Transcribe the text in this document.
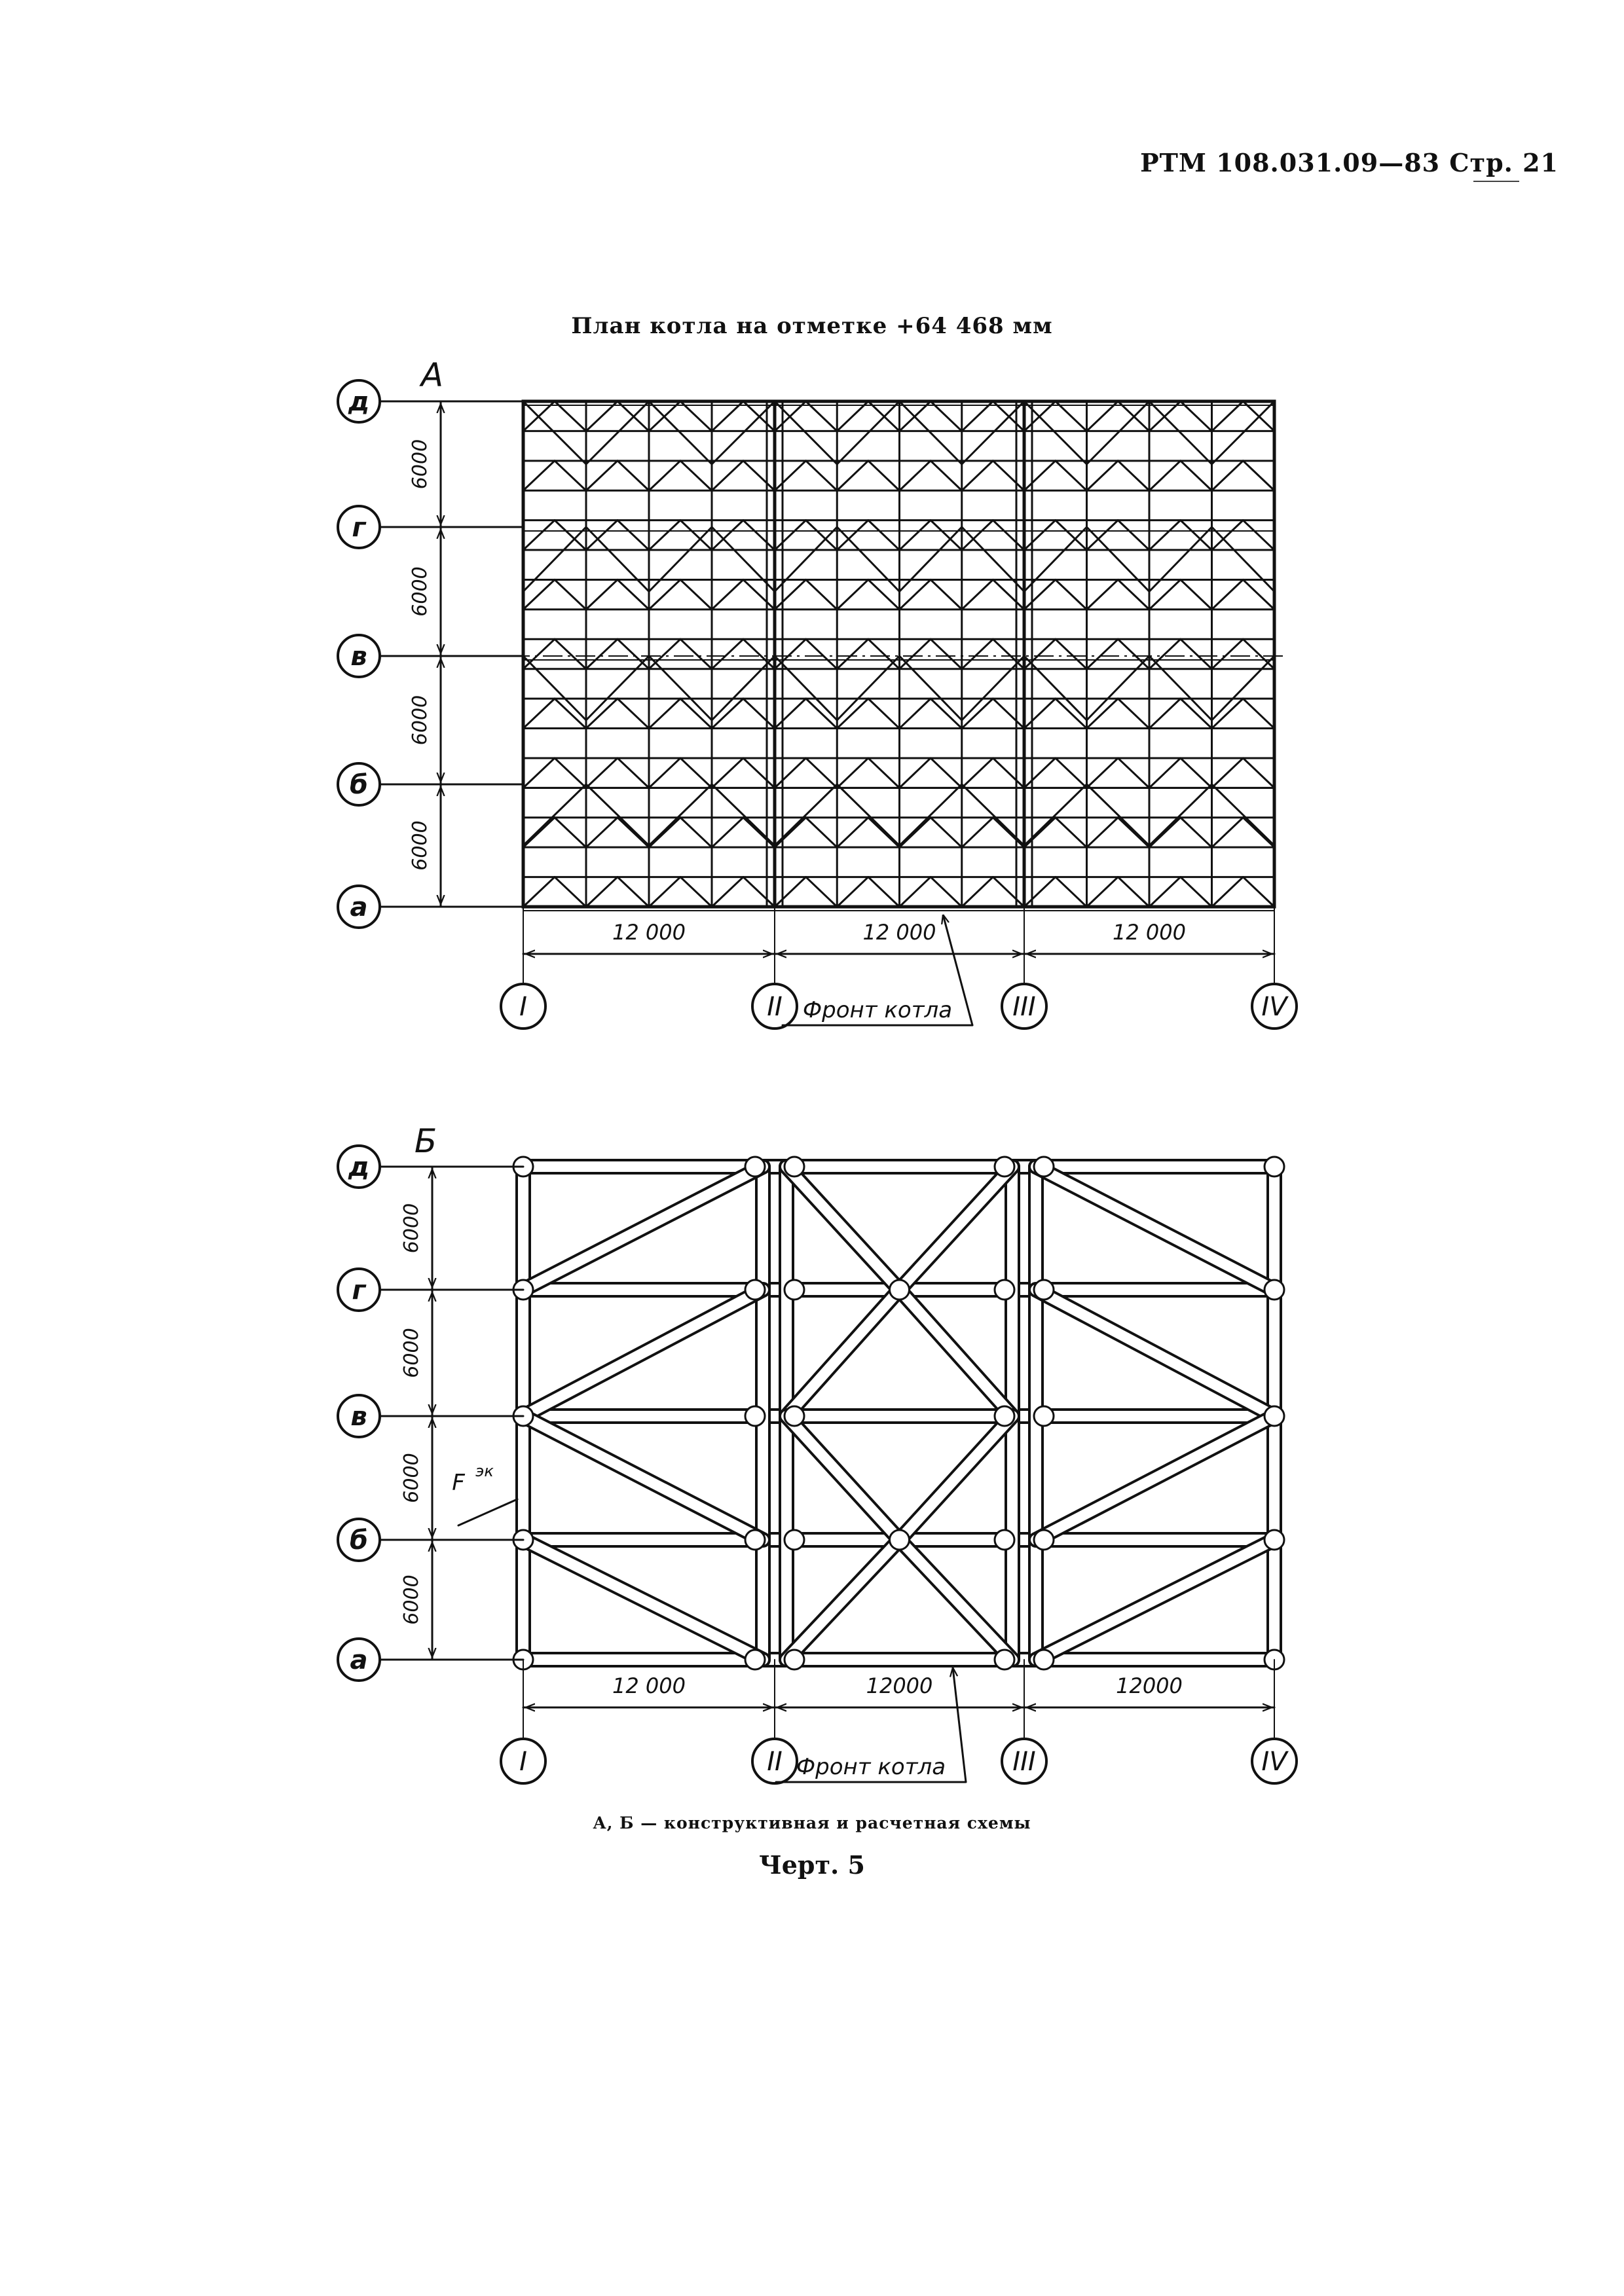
РТМ 108.031.09—83 Стр. 21
План котла на отметке +64 468 мм
д
г
в
б
а
6000
6000
6000
6000
I	II	III	IV
12 000	12 000	12 000
А
Фронт котла
F эк
д
г
в
б
а
6000
6000
6000
6000
I	II	III	IV
12 000	12000	12000
Б
Фронт котла
А, Б — конструктивная и расчетная схемы
Черт. 5
